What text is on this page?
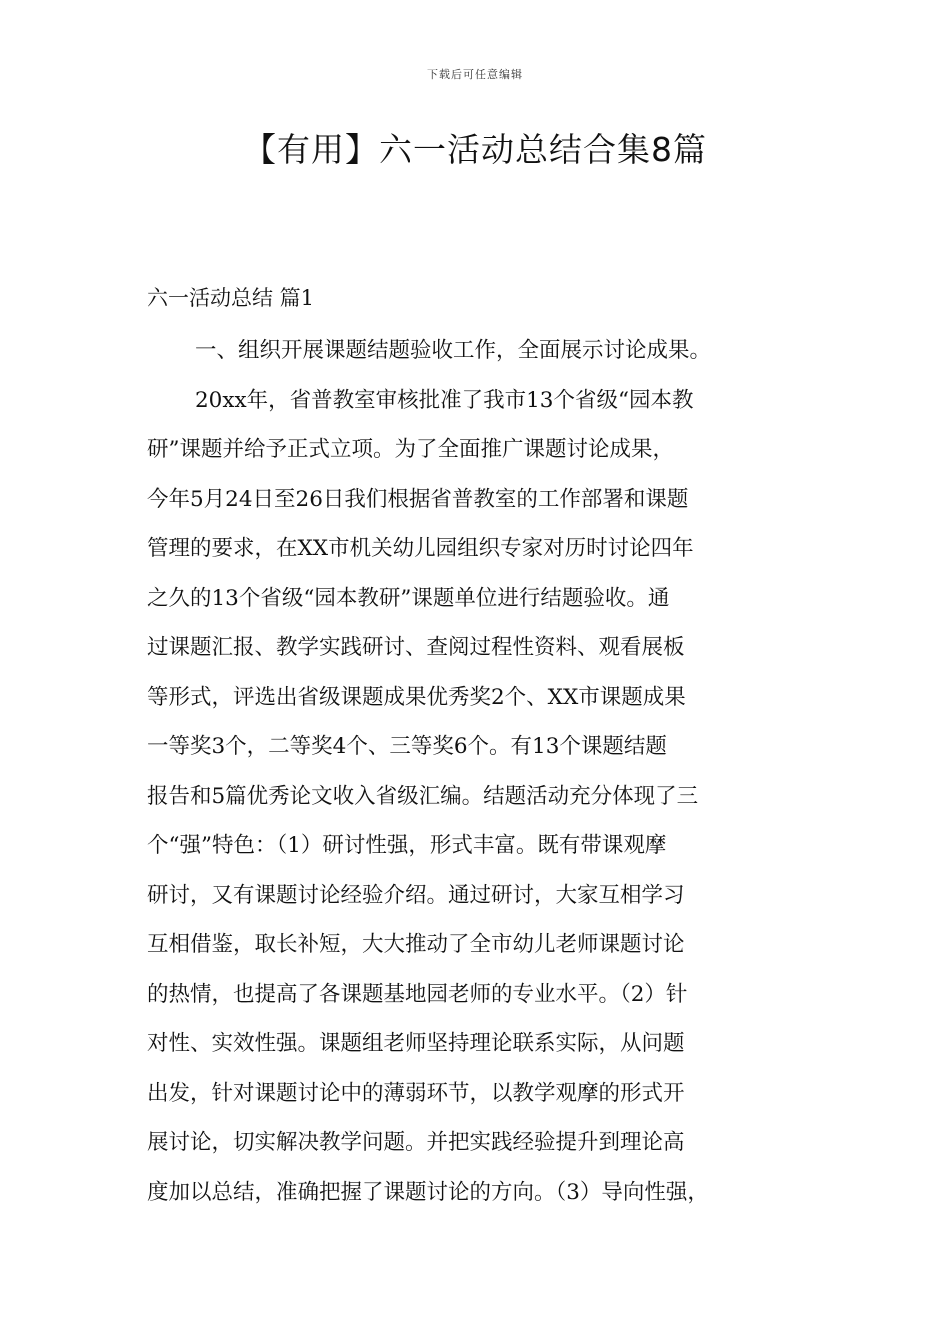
下载后可任意编辑
【有用】六一活动总结合集8篇
六一活动总结 篇1

一、组织开展课题结题验收工作，全面展示讨论成果。

20xx年，省普教室审核批准了我市13个省级“园本教

研”课题并给予正式立项。为了全面推广课题讨论成果，

今年5月24日至26日我们根据省普教室的工作部署和课题

管理的要求，在XX市机关幼儿园组织专家对历时讨论四年

之久的13个省级“园本教研”课题单位进行结题验收。通

过课题汇报、教学实践研讨、查阅过程性资料、观看展板

等形式，评选出省级课题成果优秀奖2个、XX市课题成果

一等奖3个，二等奖4个、三等奖6个。有13个课题结题

报告和5篇优秀论文收入省级汇编。结题活动充分体现了三

个“强”特色：（1）研讨性强，形式丰富。既有带课观摩

研讨，又有课题讨论经验介绍。通过研讨，大家互相学习

互相借鉴，取长补短，大大推动了全市幼儿老师课题讨论

的热情，也提高了各课题基地园老师的专业水平。（2）针

对性、实效性强。课题组老师坚持理论联系实际，从问题

出发，针对课题讨论中的薄弱环节，以教学观摩的形式开

展讨论，切实解决教学问题。并把实践经验提升到理论高

度加以总结，准确把握了课题讨论的方向。（3）导向性强，
